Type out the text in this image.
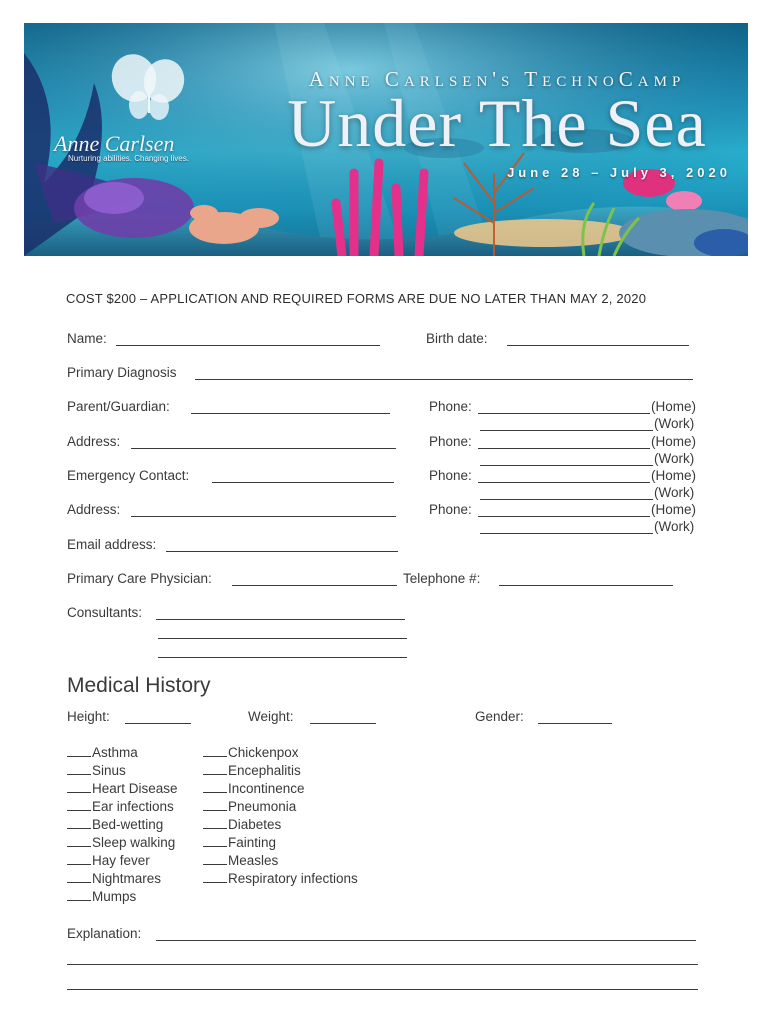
Anne Carlsen's TechnoCamp
Under The Sea
June 28 – July 3, 2020
Anne Carlsen
Nurturing abilities. Changing lives.
COST $200 – APPLICATION AND REQUIRED FORMS ARE DUE NO LATER THAN MAY 2, 2020
Name:	Birth date:
Primary Diagnosis
Parent/Guardian:	Phone:	(Home)
(Work)
Address:	Phone:	(Home)
(Work)
Emergency Contact:	Phone:	(Home)
(Work)
Address:	Phone:	(Home)
(Work)
Email address:
Primary Care Physician:	Telephone #:
Consultants:
Medical History
Height:	Weight:	Gender:
Asthma
Sinus
Heart Disease
Ear infections
Bed-wetting
Sleep walking
Hay fever
Nightmares
Mumps
Chickenpox
Encephalitis
Incontinence
Pneumonia
Diabetes
Fainting
Measles
Respiratory infections
Explanation:
